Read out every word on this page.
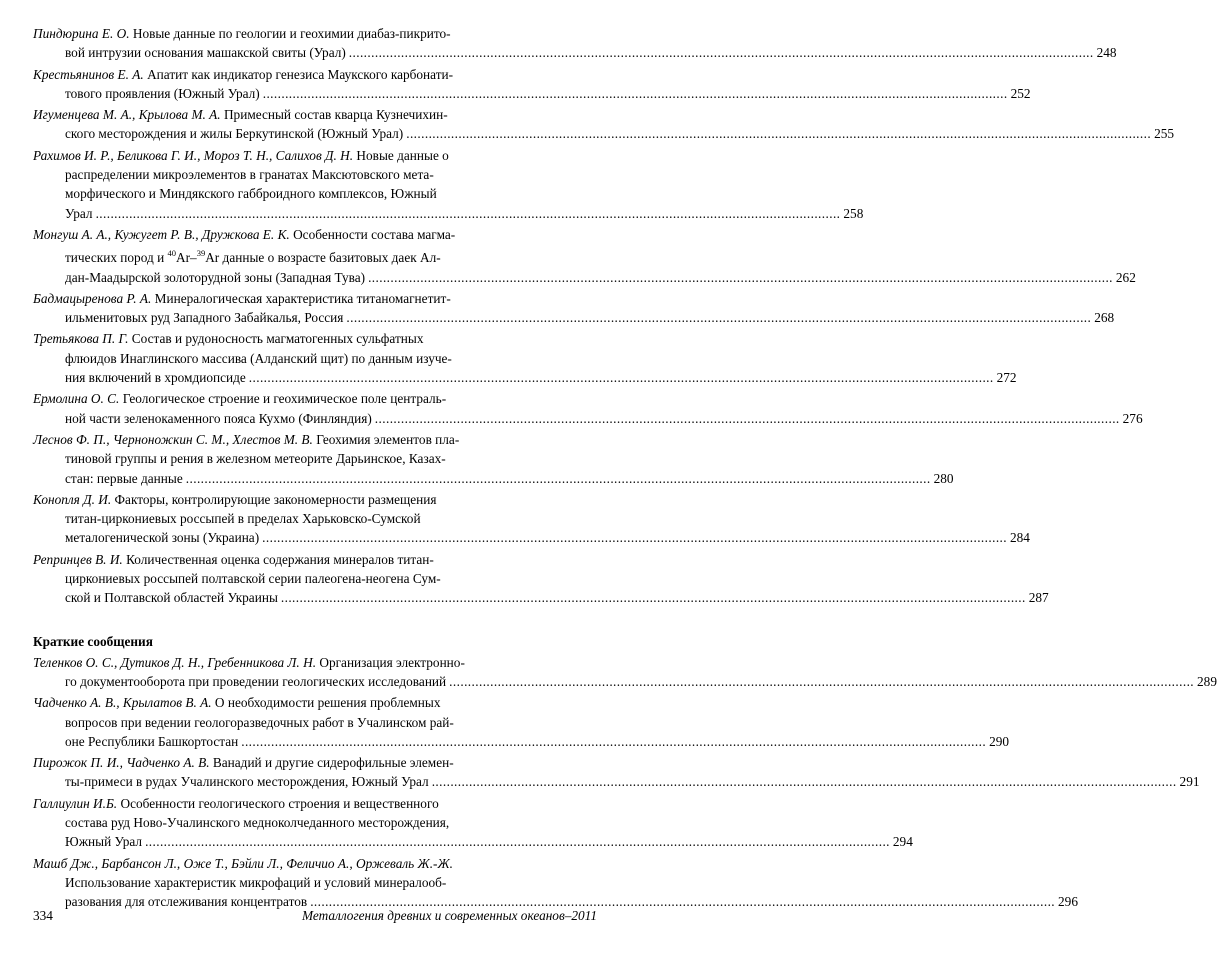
Пиндюрина Е. О. Новые данные по геологии и геохимии диабаз-пикрито-
вой интрузии основания машакской свиты (Урал) ........................................................................................................................................................................................................ 248
Крестьянинов Е. А. Апатит как индикатор генезиса Маукского карбонати-
тового проявления (Южный Урал) ........................................................................................................................................................................................................ 252
Игуменцева М. А., Крылова М. А. Примесный состав кварца Кузнечихин-
ского месторождения и жилы Беркутинской (Южный Урал) ........................................................................................................................................................................................................ 255
Рахимов И. Р., Беликова Г. И., Мороз Т. Н., Салихов Д. Н. Новые данные о
распределении микроэлементов в гранатах Максютовского мета-
морфического и Миндякского габброидного комплексов, Южный
Урал ........................................................................................................................................................................................................ 258
Монгуш А. А., Кужугет Р. В., Дружкова Е. К. Особенности состава магма-
тических пород и $^{40}$Ar–$^{39}$Ar данные о возрасте базитовых даек Ал-
дан-Маадырской золоторудной зоны (Западная Тува) ........................................................................................................................................................................................................ 262
Бадмацыренова Р. А. Минералогическая характеристика титаномагнетит-
ильменитовых руд Западного Забайкалья, Россия ........................................................................................................................................................................................................ 268
Третьякова П. Г. Состав и рудоносность магматогенных сульфатных
флюидов Инаглинского массива (Алданский щит) по данным изуче-
ния включений в хромдиопсиде ........................................................................................................................................................................................................ 272
Ермолина О. С. Геологическое строение и геохимическое поле централь-
ной части зеленокаменного пояса Кухмо (Финляндия) ........................................................................................................................................................................................................ 276
Леснов Ф. П., Черноножкин С. М., Хлестов М. В. Геохимия элементов пла-
тиновой группы и рения в железном метеорите Дарьинское, Казах-
стан: первые данные ........................................................................................................................................................................................................ 280
Конопля Д. И. Факторы, контролирующие закономерности размещения
титан-циркониевых россыпей в пределах Харьковско-Сумской
металогенической зоны (Украина) ........................................................................................................................................................................................................ 284
Репринцев В. И. Количественная оценка содержания минералов титан-
циркониевых россыпей полтавской серии палеогена-неогена Сум-
ской и Полтавской областей Украины ........................................................................................................................................................................................................ 287
Краткие сообщения
Теленков О. С., Дутиков Д. Н., Гребенникова Л. Н. Организация электронно-
го документооборота при проведении геологических исследований ........................................................................................................................................................................................................ 289
Чадченко А. В., Крылатов В. А. О необходимости решения проблемных
вопросов при ведении геологоразведочных работ в Учалинском рай-
оне Республики Башкортостан ........................................................................................................................................................................................................ 290
Пирожок П. И., Чадченко А. В. Ванадий и другие сидерофильные элемен-
ты-примеси в рудах Учалинского месторождения, Южный Урал ........................................................................................................................................................................................................ 291
Галлиулин И.Б. Особенности геологического строения и вещественного
состава руд Ново-Учалинского медноколчеданного месторождения,
Южный Урал ........................................................................................................................................................................................................ 294
Машб Дж., Барбансон Л., Оже Т., Бэйли Л., Феличио А., Оржеваль Ж.-Ж.
Использование характеристик микрофаций и условий минералооб-
разования для отслеживания концентратов ........................................................................................................................................................................................................ 296
334	Металлогения древних и современных океанов–2011
